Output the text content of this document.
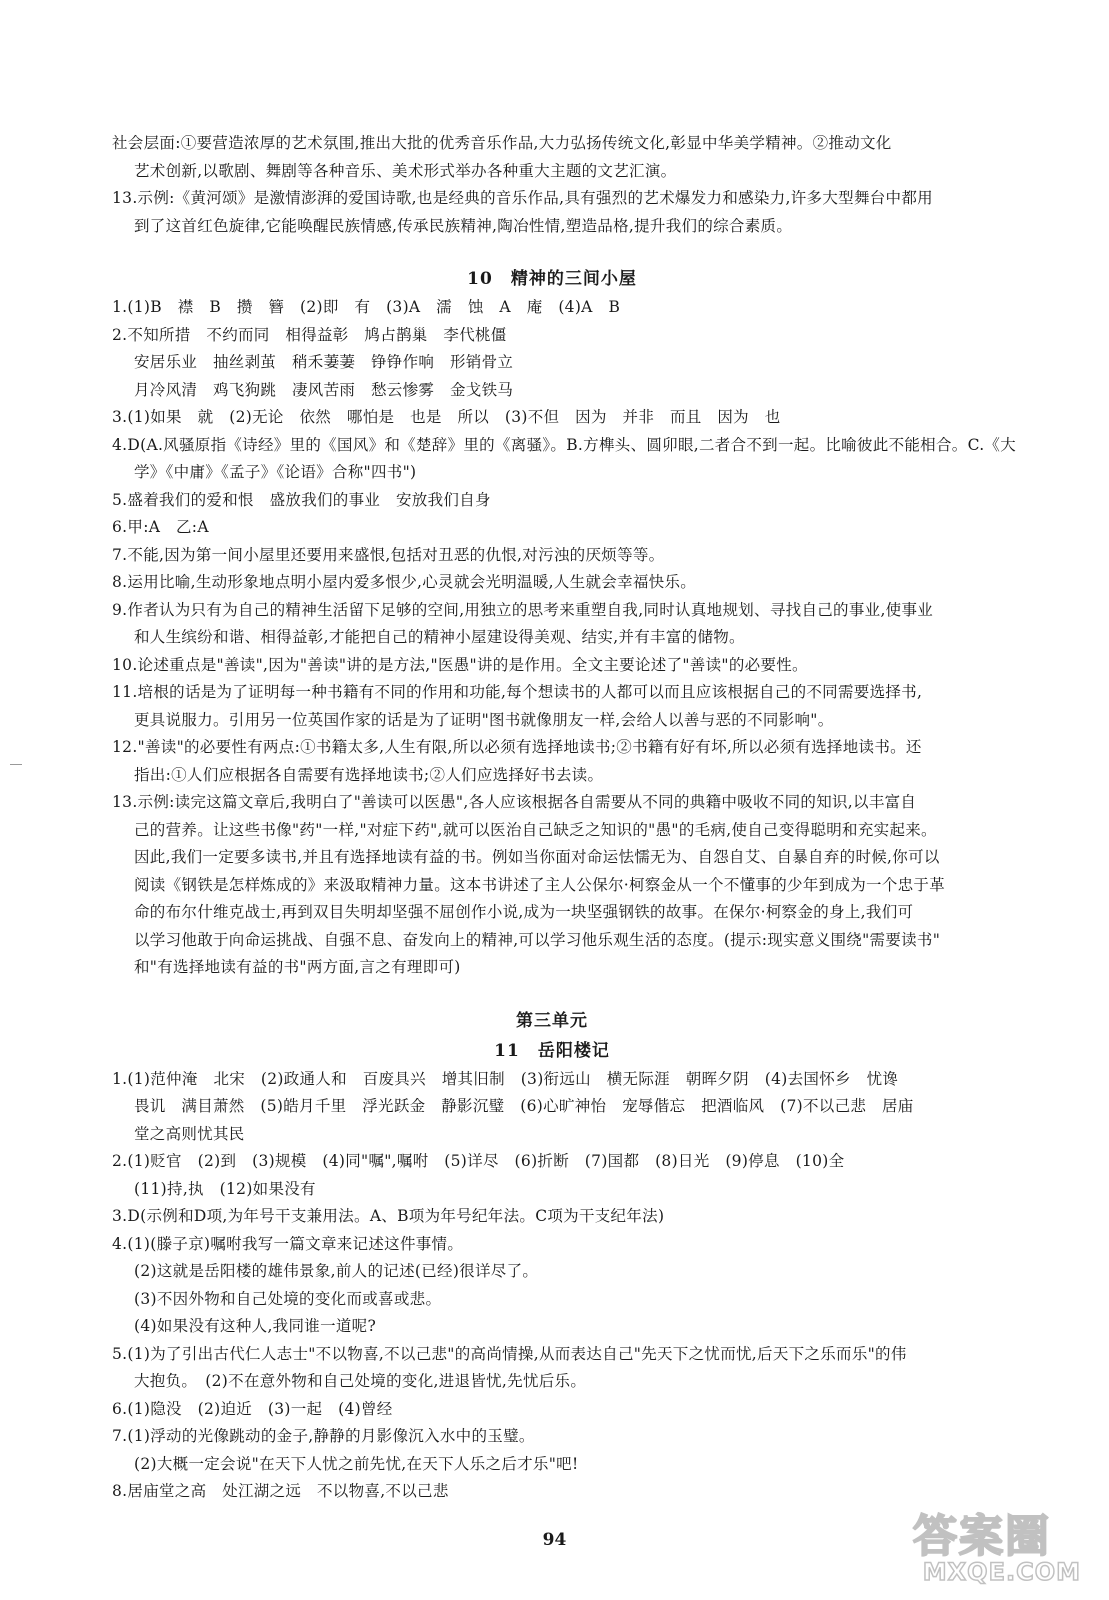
社会层面:①要营造浓厚的艺术氛围,推出大批的优秀音乐作品,大力弘扬传统文化,彰显中华美学精神。②推动文化
艺术创新,以歌剧、舞剧等各种音乐、美术形式举办各种重大主题的文艺汇演。
13.示例:《黄河颂》是激情澎湃的爱国诗歌,也是经典的音乐作品,具有强烈的艺术爆发力和感染力,许多大型舞台中都用
到了这首红色旋律,它能唤醒民族情感,传承民族精神,陶冶性情,塑造品格,提升我们的综合素质。
10　精神的三间小屋
1.(1)B　襟　B　攒　簪　(2)即　有　(3)A　濡　蚀　A　庵　(4)A　B
2.不知所措　不约而同　相得益彰　鸠占鹊巢　李代桃僵
安居乐业　抽丝剥茧　稍禾萋萋　铮铮作响　形销骨立
月冷风清　鸡飞狗跳　凄风苦雨　愁云惨雾　金戈铁马
3.(1)如果　就　(2)无论　依然　哪怕是　也是　所以　(3)不但　因为　并非　而且　因为　也
4.D(A.风骚原指《诗经》里的《国风》和《楚辞》里的《离骚》。B.方榫头、圆卯眼,二者合不到一起。比喻彼此不能相合。C.《大
学》《中庸》《孟子》《论语》合称"四书")
5.盛着我们的爱和恨　盛放我们的事业　安放我们自身
6.甲:A　乙:A
7.不能,因为第一间小屋里还要用来盛恨,包括对丑恶的仇恨,对污浊的厌烦等等。
8.运用比喻,生动形象地点明小屋内爱多恨少,心灵就会光明温暖,人生就会幸福快乐。
9.作者认为只有为自己的精神生活留下足够的空间,用独立的思考来重塑自我,同时认真地规划、寻找自己的事业,使事业
和人生缤纷和谐、相得益彰,才能把自己的精神小屋建设得美观、结实,并有丰富的储物。
10.论述重点是"善读",因为"善读"讲的是方法,"医愚"讲的是作用。全文主要论述了"善读"的必要性。
11.培根的话是为了证明每一种书籍有不同的作用和功能,每个想读书的人都可以而且应该根据自己的不同需要选择书,
更具说服力。引用另一位英国作家的话是为了证明"图书就像朋友一样,会给人以善与恶的不同影响"。
12."善读"的必要性有两点:①书籍太多,人生有限,所以必须有选择地读书;②书籍有好有坏,所以必须有选择地读书。还
指出:①人们应根据各自需要有选择地读书;②人们应选择好书去读。
13.示例:读完这篇文章后,我明白了"善读可以医愚",各人应该根据各自需要从不同的典籍中吸收不同的知识,以丰富自
己的营养。让这些书像"药"一样,"对症下药",就可以医治自己缺乏之知识的"愚"的毛病,使自己变得聪明和充实起来。
因此,我们一定要多读书,并且有选择地读有益的书。例如当你面对命运怯懦无为、自怨自艾、自暴自弃的时候,你可以
阅读《钢铁是怎样炼成的》来汲取精神力量。这本书讲述了主人公保尔·柯察金从一个不懂事的少年到成为一个忠于革
命的布尔什维克战士,再到双目失明却坚强不屈创作小说,成为一块坚强钢铁的故事。在保尔·柯察金的身上,我们可
以学习他敢于向命运挑战、自强不息、奋发向上的精神,可以学习他乐观生活的态度。(提示:现实意义围绕"需要读书"
和"有选择地读有益的书"两方面,言之有理即可)
第三单元
11　岳阳楼记
1.(1)范仲淹　北宋　(2)政通人和　百废具兴　增其旧制　(3)衔远山　横无际涯　朝晖夕阴　(4)去国怀乡　忧谗
畏讥　满目萧然　(5)皓月千里　浮光跃金　静影沉璧　(6)心旷神怡　宠辱偕忘　把酒临风　(7)不以己悲　居庙
堂之高则忧其民
2.(1)贬官　(2)到　(3)规模　(4)同"嘱",嘱咐　(5)详尽　(6)折断　(7)国都　(8)日光　(9)停息　(10)全
(11)持,执　(12)如果没有
3.D(示例和D项,为年号干支兼用法。A、B项为年号纪年法。C项为干支纪年法)
4.(1)(滕子京)嘱咐我写一篇文章来记述这件事情。
(2)这就是岳阳楼的雄伟景象,前人的记述(已经)很详尽了。
(3)不因外物和自己处境的变化而或喜或悲。
(4)如果没有这种人,我同谁一道呢?
5.(1)为了引出古代仁人志士"不以物喜,不以己悲"的高尚情操,从而表达自己"先天下之忧而忧,后天下之乐而乐"的伟
大抱负。　(2)不在意外物和自己处境的变化,进退皆忧,先忧后乐。
6.(1)隐没　(2)迫近　(3)一起　(4)曾经
7.(1)浮动的光像跳动的金子,静静的月影像沉入水中的玉璧。
(2)大概一定会说"在天下人忧之前先忧,在天下人乐之后才乐"吧!
8.居庙堂之高　处江湖之远　不以物喜,不以己悲
94	答案圈
MXQE.COM
